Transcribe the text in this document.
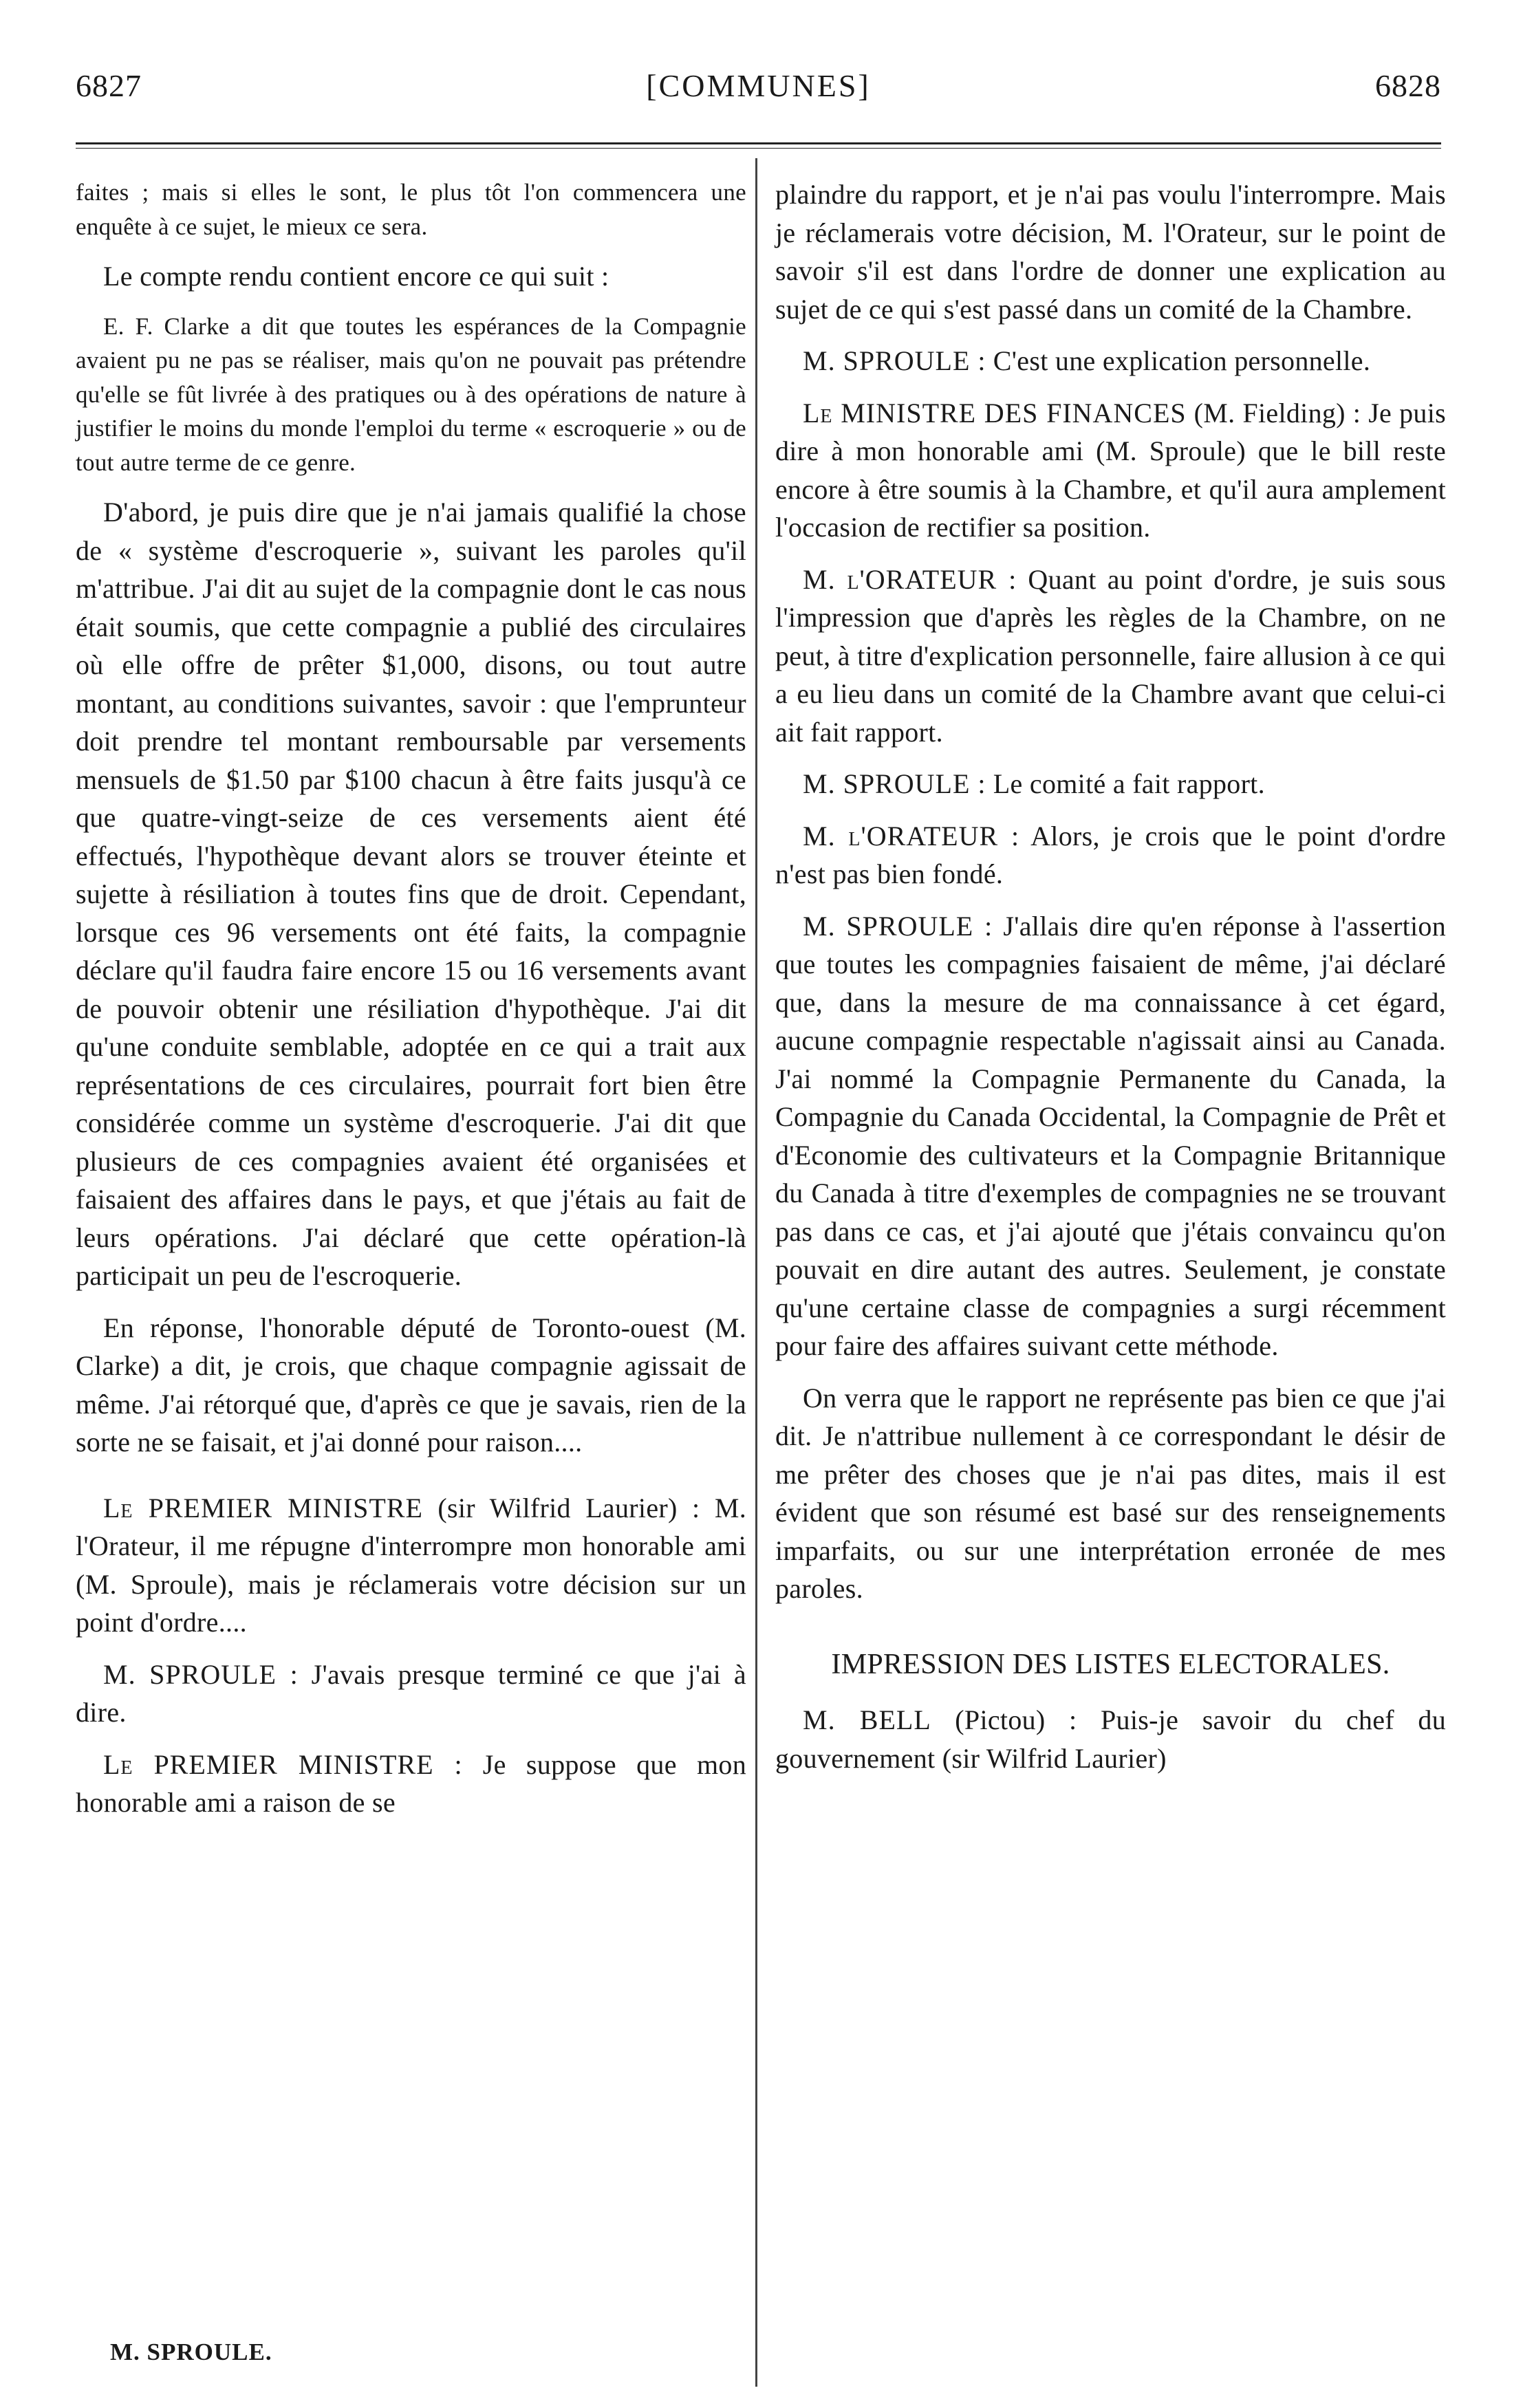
[COMMUNES]
6827	6828

faites ; mais si elles le sont, le plus tôt l'on commencera une enquête à ce sujet, le mieux ce sera.

Le compte rendu contient encore ce qui suit :

E. F. Clarke a dit que toutes les espérances de la Compagnie avaient pu ne pas se réaliser, mais qu'on ne pouvait pas prétendre qu'elle se fût livrée à des pratiques ou à des opérations de nature à justifier le moins du monde l'emploi du terme « escroquerie » ou de tout autre terme de ce genre.

D'abord, je puis dire que je n'ai jamais qualifié la chose de « système d'escroquerie », suivant les paroles qu'il m'attribue. J'ai dit au sujet de la compagnie dont le cas nous était soumis, que cette compagnie a publié des circulaires où elle offre de prêter $1,000, disons, ou tout autre montant, au conditions suivantes, savoir : que l'emprunteur doit prendre tel montant remboursable par versements mensuels de $1.50 par $100 chacun à être faits jusqu'à ce que quatre-vingt-seize de ces versements aient été effectués, l'hypothèque devant alors se trouver éteinte et sujette à résiliation à toutes fins que de droit. Cependant, lorsque ces 96 versements ont été faits, la compagnie déclare qu'il faudra faire encore 15 ou 16 versements avant de pouvoir obtenir une résiliation d'hypothèque. J'ai dit qu'une conduite semblable, adoptée en ce qui a trait aux représentations de ces circulaires, pourrait fort bien être considérée comme un système d'escroquerie. J'ai dit que plusieurs de ces compagnies avaient été organisées et faisaient des affaires dans le pays, et que j'étais au fait de leurs opérations. J'ai déclaré que cette opération-là participait un peu de l'escroquerie.

En réponse, l'honorable député de Toronto-ouest (M. Clarke) a dit, je crois, que chaque compagnie agissait de même. J'ai rétorqué que, d'après ce que je savais, rien de la sorte ne se faisait, et j'ai donné pour raison....

Le PREMIER MINISTRE (sir Wilfrid Laurier) : M. l'Orateur, il me répugne d'interrompre mon honorable ami (M. Sproule), mais je réclamerais votre décision sur un point d'ordre....

M. SPROULE : J'avais presque terminé ce que j'ai à dire.

Le PREMIER MINISTRE : Je suppose que mon honorable ami a raison de se

plaindre du rapport, et je n'ai pas voulu l'interrompre. Mais je réclamerais votre décision, M. l'Orateur, sur le point de savoir s'il est dans l'ordre de donner une explication au sujet de ce qui s'est passé dans un comité de la Chambre.

M. SPROULE : C'est une explication personnelle.

Le MINISTRE DES FINANCES (M. Fielding) : Je puis dire à mon honorable ami (M. Sproule) que le bill reste encore à être soumis à la Chambre, et qu'il aura amplement l'occasion de rectifier sa position.

M. l'ORATEUR : Quant au point d'ordre, je suis sous l'impression que d'après les règles de la Chambre, on ne peut, à titre d'explication personnelle, faire allusion à ce qui a eu lieu dans un comité de la Chambre avant que celui-ci ait fait rapport.

M. SPROULE : Le comité a fait rapport.

M. l'ORATEUR : Alors, je crois que le point d'ordre n'est pas bien fondé.

M. SPROULE : J'allais dire qu'en réponse à l'assertion que toutes les compagnies faisaient de même, j'ai déclaré que, dans la mesure de ma connaissance à cet égard, aucune compagnie respectable n'agissait ainsi au Canada. J'ai nommé la Compagnie Permanente du Canada, la Compagnie du Canada Occidental, la Compagnie de Prêt et d'Economie des cultivateurs et la Compagnie Britannique du Canada à titre d'exemples de compagnies ne se trouvant pas dans ce cas, et j'ai ajouté que j'étais convaincu qu'on pouvait en dire autant des autres. Seulement, je constate qu'une certaine classe de compagnies a surgi récemment pour faire des affaires suivant cette méthode.

On verra que le rapport ne représente pas bien ce que j'ai dit. Je n'attribue nullement à ce correspondant le désir de me prêter des choses que je n'ai pas dites, mais il est évident que son résumé est basé sur des renseignements imparfaits, ou sur une interprétation erronée de mes paroles.

IMPRESSION DES LISTES ELECTORALES.

M. BELL (Pictou) : Puis-je savoir du chef du gouvernement (sir Wilfrid Laurier)

M. SPROULE.
